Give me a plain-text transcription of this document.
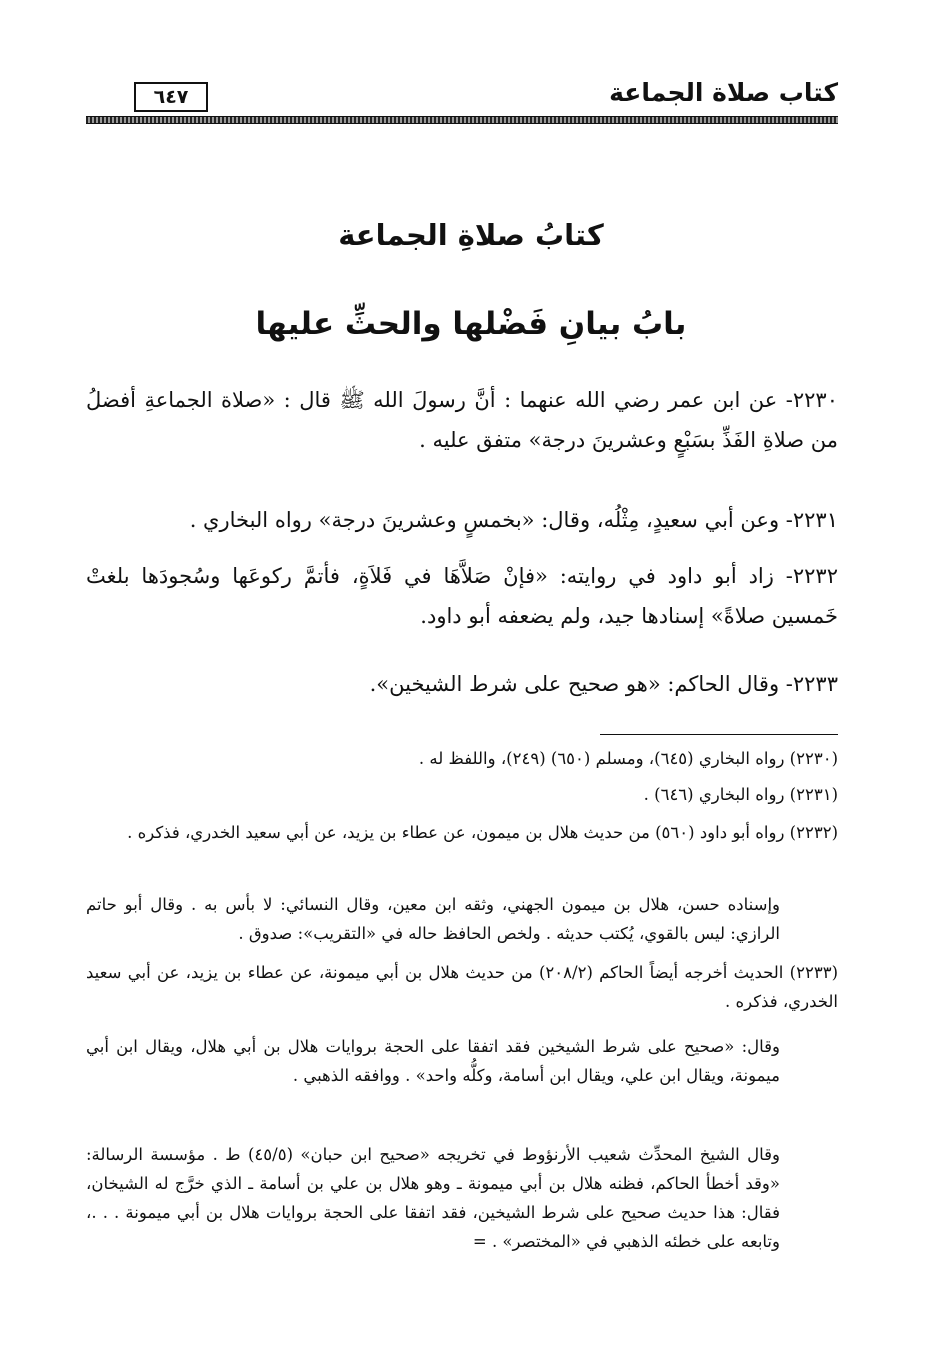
كتاب صلاة الجماعة
٦٤٧
كتابُ صلاةِ الجماعة
بابُ بيانِ فَضْلها والحثِّ عليها
٢٢٣٠- عن ابن عمر رضي الله عنهما : أنَّ رسولَ الله ﷺ قال : «صلاة الجماعةِ أفضلُ من صلاةِ الفَذِّ بسَبْعٍ وعشرينَ درجة» متفق عليه .
٢٢٣١- وعن أبي سعيدٍ، مِثْلُه، وقال: «بخمسٍ وعشرينَ درجة» رواه البخاري .
٢٢٣٢- زاد أبو داود في روايته: «فإنْ صَلاَّهَا في فَلاَةٍ، فأتمَّ ركوعَها وسُجودَها بلغتْ خَمسين صلاةً» إسنادها جيد، ولم يضعفه أبو داود.
٢٢٣٣- وقال الحاكم: «هو صحيح على شرط الشيخين».
(٢٢٣٠) رواه البخاري (٦٤٥)، ومسلم (٦٥٠) (٢٤٩)، واللفظ له .
(٢٢٣١) رواه البخاري (٦٤٦) .
(٢٢٣٢) رواه أبو داود (٥٦٠) من حديث هلال بن ميمون، عن عطاء بن يزيد، عن أبي سعيد الخدري، فذكره .
وإسناده حسن، هلال بن ميمون الجهني، وثقه ابن معين، وقال النسائي: لا بأس به . وقال أبو حاتم الرازي: ليس بالقوي، يُكتب حديثه . ولخص الحافظ حاله في «التقريب»: صدوق .
(٢٢٣٣) الحديث أخرجه أيضاً الحاكم (٢٠٨/٢) من حديث هلال بن أبي ميمونة، عن عطاء بن يزيد، عن أبي سعيد الخدري، فذكره .
وقال: «صحيح على شرط الشيخين فقد اتفقا على الحجة بروايات هلال بن أبي هلال، ويقال ابن أبي ميمونة، ويقال ابن علي، ويقال ابن أسامة، وكلُّه واحد» . ووافقه الذهبي .
وقال الشيخ المحدِّث شعيب الأرنؤوط في تخريجه «صحيح ابن حبان» (٤٥/٥) ط . مؤسسة الرسالة: «وقد أخطأ الحاكم، فظنه هلال بن أبي ميمونة ـ وهو هلال بن علي بن أسامة ـ الذي خرَّج له الشيخان، فقال: هذا حديث صحيح على شرط الشيخين، فقد اتفقا على الحجة بروايات هلال بن أبي ميمونة . . .، وتابعه على خطئه الذهبي في «المختصر» . =
